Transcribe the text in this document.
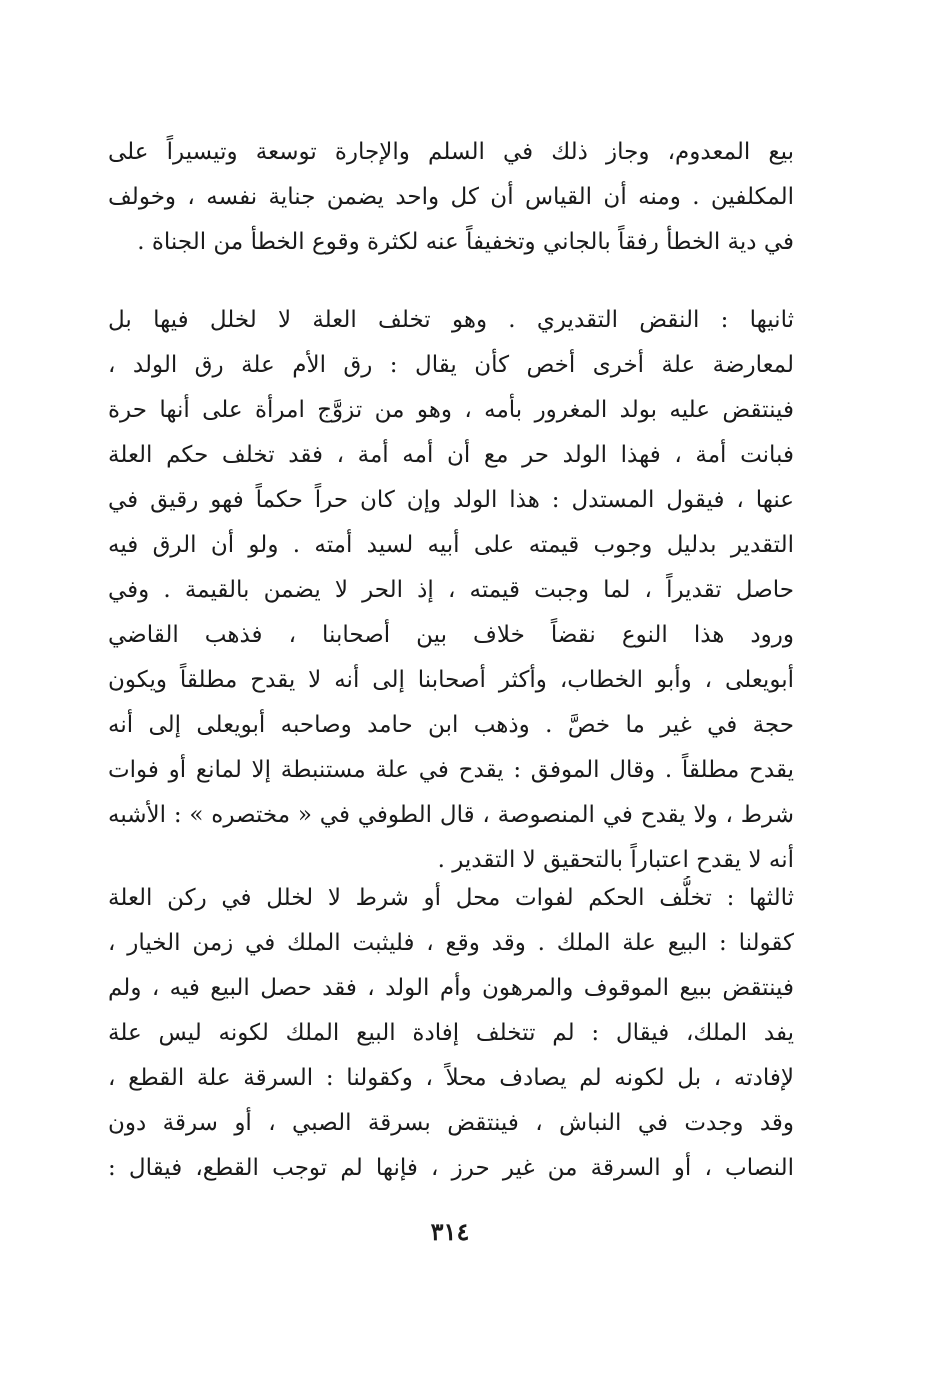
بيع المعدوم، وجاز ذلك في السلم والإجارة توسعة وتيسيراً على
المكلفين . ومنه أن القياس أن كل واحد يضمن جناية نفسه ، وخولف
في دية الخطأ رفقاً بالجاني وتخفيفاً عنه لكثرة وقوع الخطأ من الجناة .
ثانيها : النقض التقديري . وهو تخلف العلة لا لخلل فيها بل
لمعارضة علة أخرى أخص كأن يقال : رق الأم علة رق الولد ،
فينتقض عليه بولد المغرور بأمه ، وهو من تزوَّج امرأة على أنها حرة
فبانت أمة ، فهذا الولد حر مع أن أمه أمة ، فقد تخلف حكم العلة
عنها ، فيقول المستدل : هذا الولد وإن كان حراً حكماً فهو رقيق في
التقدير بدليل وجوب قيمته على أبيه لسيد أمته . ولو أن الرق فيه
حاصل تقديراً ، لما وجبت قيمته ، إذ الحر لا يضمن بالقيمة . وفي
ورود هذا النوع نقضاً خلاف بين أصحابنا ، فذهب القاضي
أبويعلى ، وأبو الخطاب، وأكثر أصحابنا إلى أنه لا يقدح مطلقاً ويكون
حجة في غير ما خصَّ . وذهب ابن حامد وصاحبه أبويعلى إلى أنه
يقدح مطلقاً . وقال الموفق : يقدح في علة مستنبطة إلا لمانع أو فوات
شرط ، ولا يقدح في المنصوصة ، قال الطوفي في « مختصره » : الأشبه
أنه لا يقدح اعتباراً بالتحقيق لا التقدير .
ثالثها : تخلُّف الحكم لفوات محل أو شرط لا لخلل في ركن العلة
كقولنا : البيع علة الملك . وقد وقع ، فليثبت الملك في زمن الخيار ،
فينتقض ببيع الموقوف والمرهون وأم الولد ، فقد حصل البيع فيه ، ولم
يفد الملك، فيقال : لم تتخلف إفادة البيع الملك لكونه ليس علة
لإفادته ، بل لكونه لم يصادف محلاً ، وكقولنا : السرقة علة القطع ،
وقد وجدت في النباش ، فينتقض بسرقة الصبي ، أو سرقة دون
النصاب ، أو السرقة من غير حرز ، فإنها لم توجب القطع، فيقال :
٣١٤
